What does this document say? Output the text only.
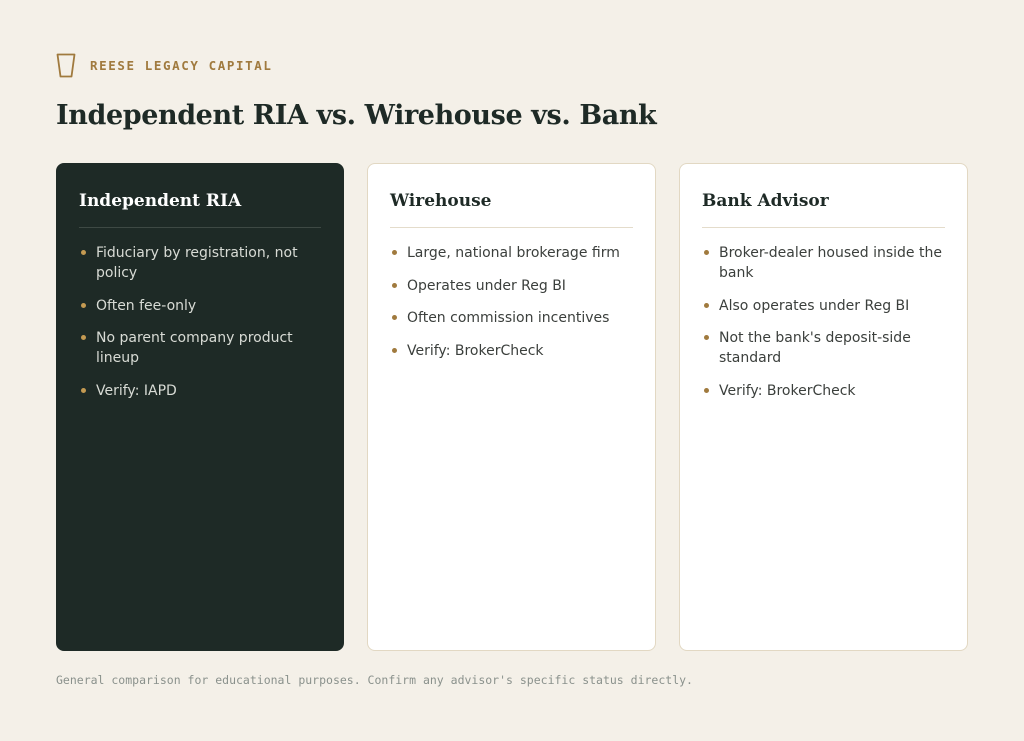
REESE LEGACY CAPITAL
Independent RIA vs. Wirehouse vs. Bank
Independent RIA
Fiduciary by registration, not policy
Often fee-only
No parent company product lineup
Verify: IAPD
Wirehouse
Large, national brokerage firm
Operates under Reg BI
Often commission incentives
Verify: BrokerCheck
Bank Advisor
Broker-dealer housed inside the bank
Also operates under Reg BI
Not the bank's deposit-side standard
Verify: BrokerCheck
General comparison for educational purposes. Confirm any advisor's specific status directly.
